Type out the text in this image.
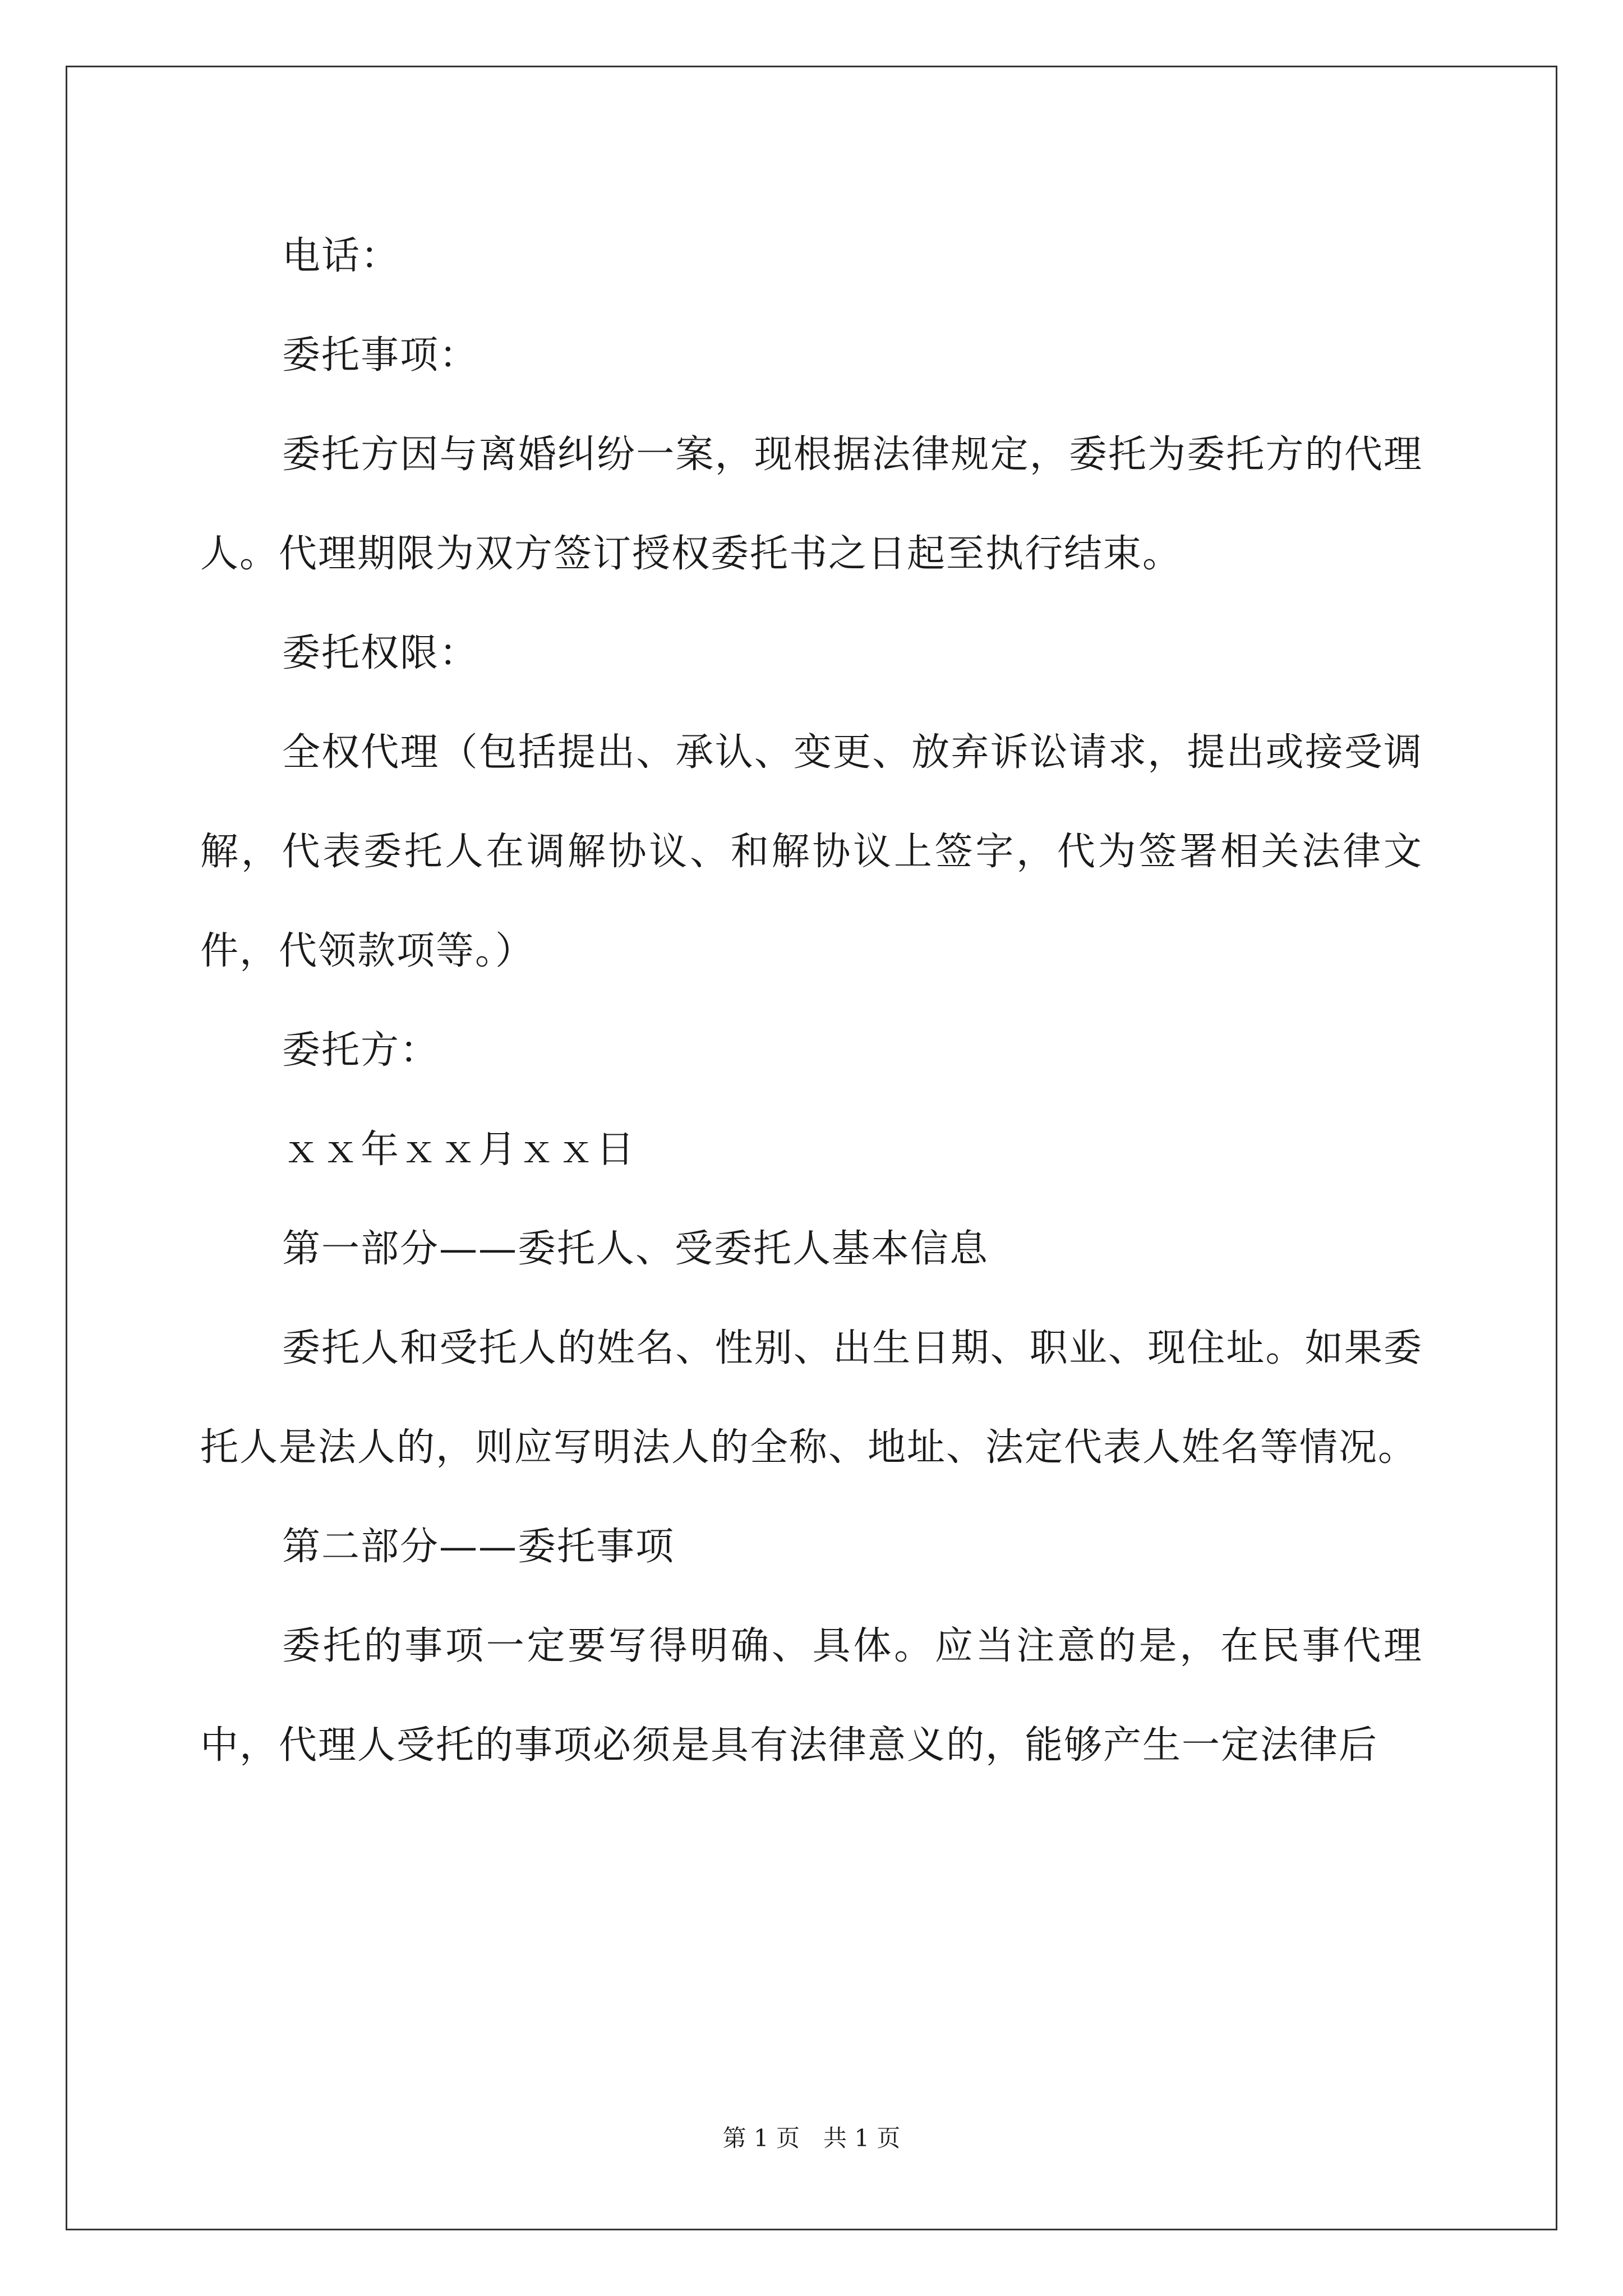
电话：

委托事项：

委托方因与离婚纠纷一案，现根据法律规定，委托为委托方的代理人。代理期限为双方签订授权委托书之日起至执行结束。

委托权限：

全权代理（包括提出、承认、变更、放弃诉讼请求，提出或接受调解，代表委托人在调解协议、和解协议上签字，代为签署相关法律文件，代领款项等。）

委托方：

ｘｘ年ｘｘ月ｘｘ日

第一部分——委托人、受委托人基本信息

委托人和受托人的姓名、性别、出生日期、职业、现住址。如果委托人是法人的，则应写明法人的全称、地址、法定代表人姓名等情况。

第二部分——委托事项

委托的事项一定要写得明确、具体。应当注意的是，在民事代理中，代理人受托的事项必须是具有法律意义的，能够产生一定法律后

第 1 页　共 1 页
